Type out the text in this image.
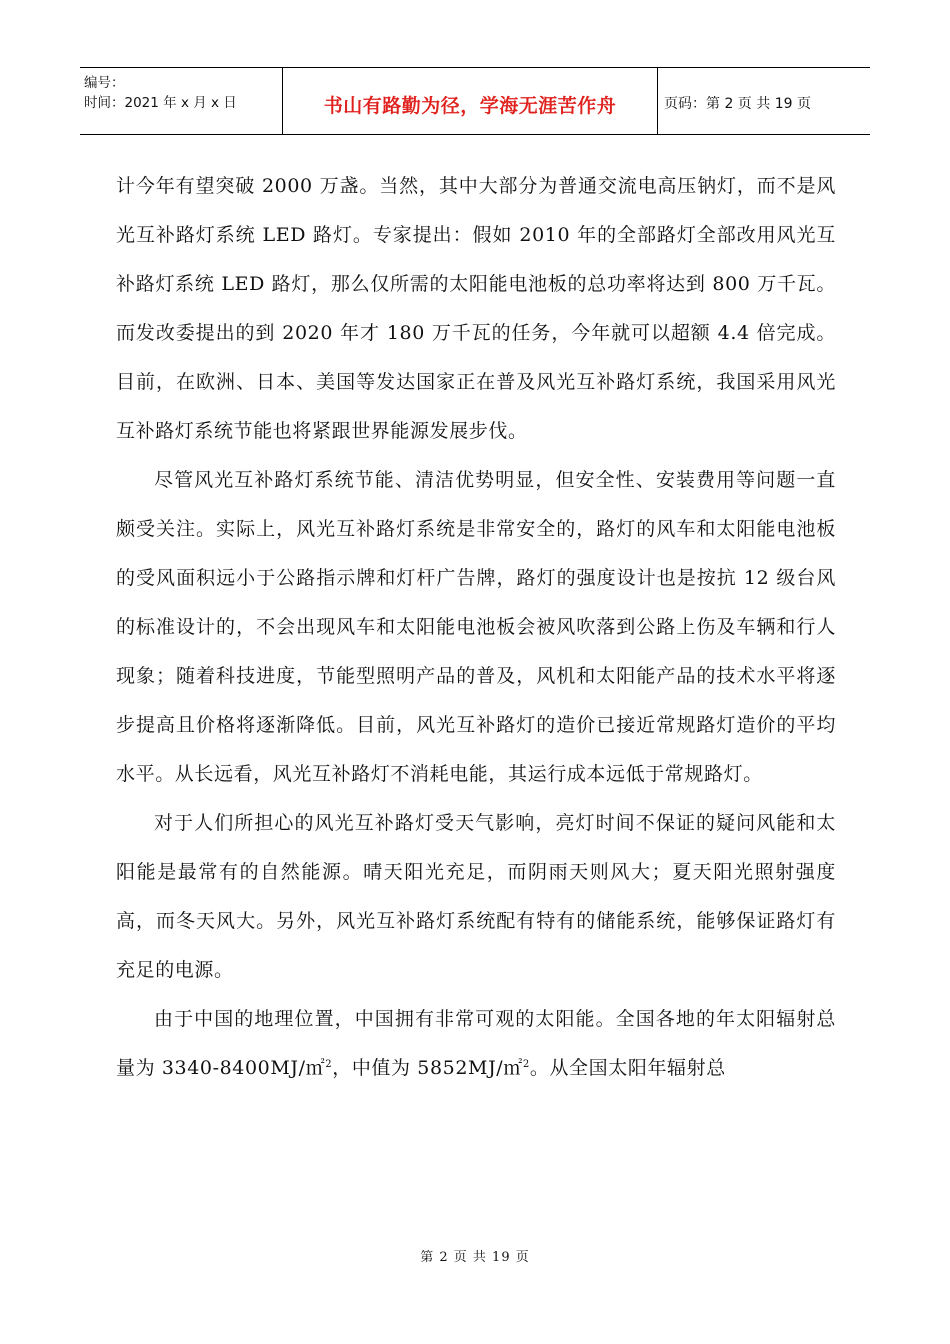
编号：
时间：2021 年 x 月 x 日	书山有路勤为径，学海无涯苦作舟	页码：第 2 页 共 19 页

计今年有望突破 2000 万盏。当然，其中大部分为普通交流电高压钠灯，而不是风光互补路灯系统 LED 路灯。专家提出：假如 2010 年的全部路灯全部改用风光互补路灯系统 LED 路灯，那么仅所需的太阳能电池板的总功率将达到 800 万千瓦。而发改委提出的到 2020 年才 180 万千瓦的任务，今年就可以超额 4.4 倍完成。目前，在欧洲、日本、美国等发达国家正在普及风光互补路灯系统，我国采用风光互补路灯系统节能也将紧跟世界能源发展步伐。

尽管风光互补路灯系统节能、清洁优势明显，但安全性、安装费用等问题一直颇受关注。实际上，风光互补路灯系统是非常安全的，路灯的风车和太阳能电池板的受风面积远小于公路指示牌和灯杆广告牌，路灯的强度设计也是按抗 12 级台风的标准设计的，不会出现风车和太阳能电池板会被风吹落到公路上伤及车辆和行人现象；随着科技进度，节能型照明产品的普及，风机和太阳能产品的技术水平将逐步提高且价格将逐渐降低。目前，风光互补路灯的造价已接近常规路灯造价的平均水平。从长远看，风光互补路灯不消耗电能，其运行成本远低于常规路灯。

对于人们所担心的风光互补路灯受天气影响，亮灯时间不保证的疑问风能和太阳能是最常有的自然能源。晴天阳光充足，而阴雨天则风大；夏天阳光照射强度高，而冬天风大。另外，风光互补路灯系统配有特有的储能系统，能够保证路灯有充足的电源。

由于中国的地理位置，中国拥有非常可观的太阳能。全国各地的年太阳辐射总量为 3340-8400MJ/㎡$^2$，中值为 5852MJ/㎡$^2$。从全国太阳年辐射总

第 2 页 共 19 页
